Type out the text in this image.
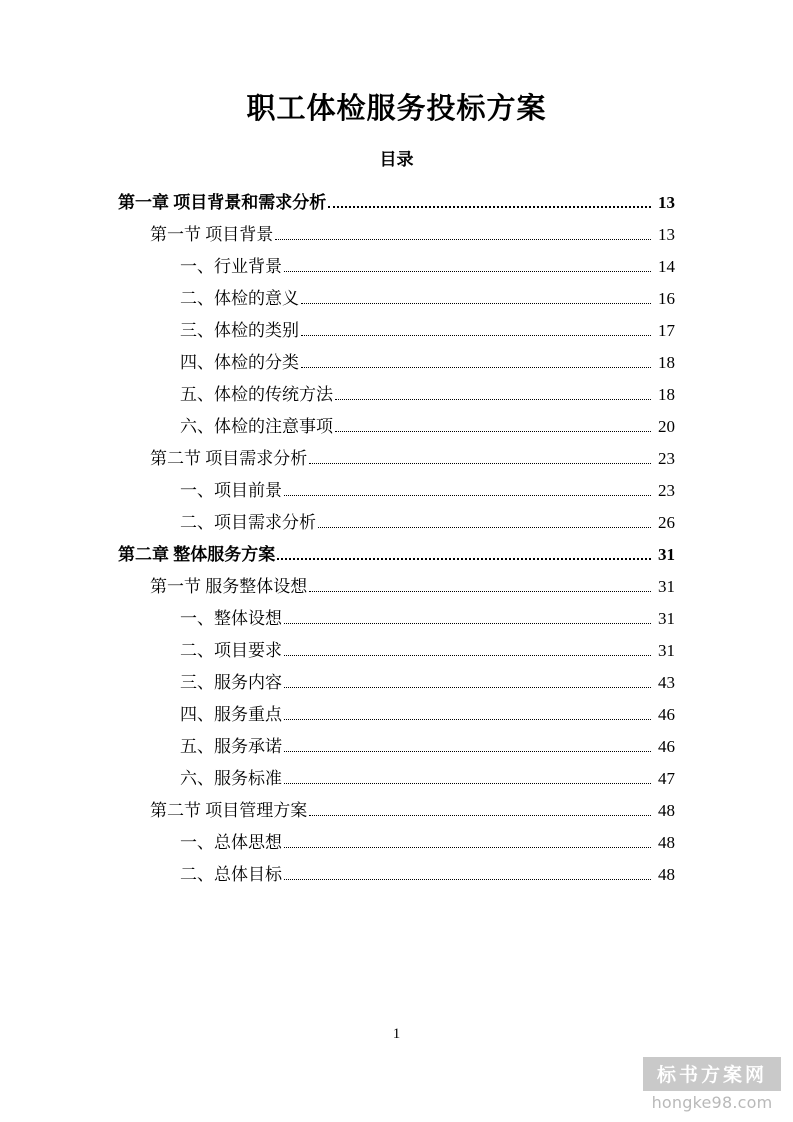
职工体检服务投标方案
目录
第一章 项目背景和需求分析	13
第一节 项目背景	13
一、行业背景	14
二、体检的意义	16
三、体检的类别	17
四、体检的分类	18
五、体检的传统方法	18
六、体检的注意事项	20
第二节 项目需求分析	23
一、项目前景	23
二、项目需求分析	26
第二章 整体服务方案	31
第一节 服务整体设想	31
一、整体设想	31
二、项目要求	31
三、服务内容	43
四、服务重点	46
五、服务承诺	46
六、服务标准	47
第二节 项目管理方案	48
一、总体思想	48
二、总体目标	48
1
标书方案网
hongke98.com
